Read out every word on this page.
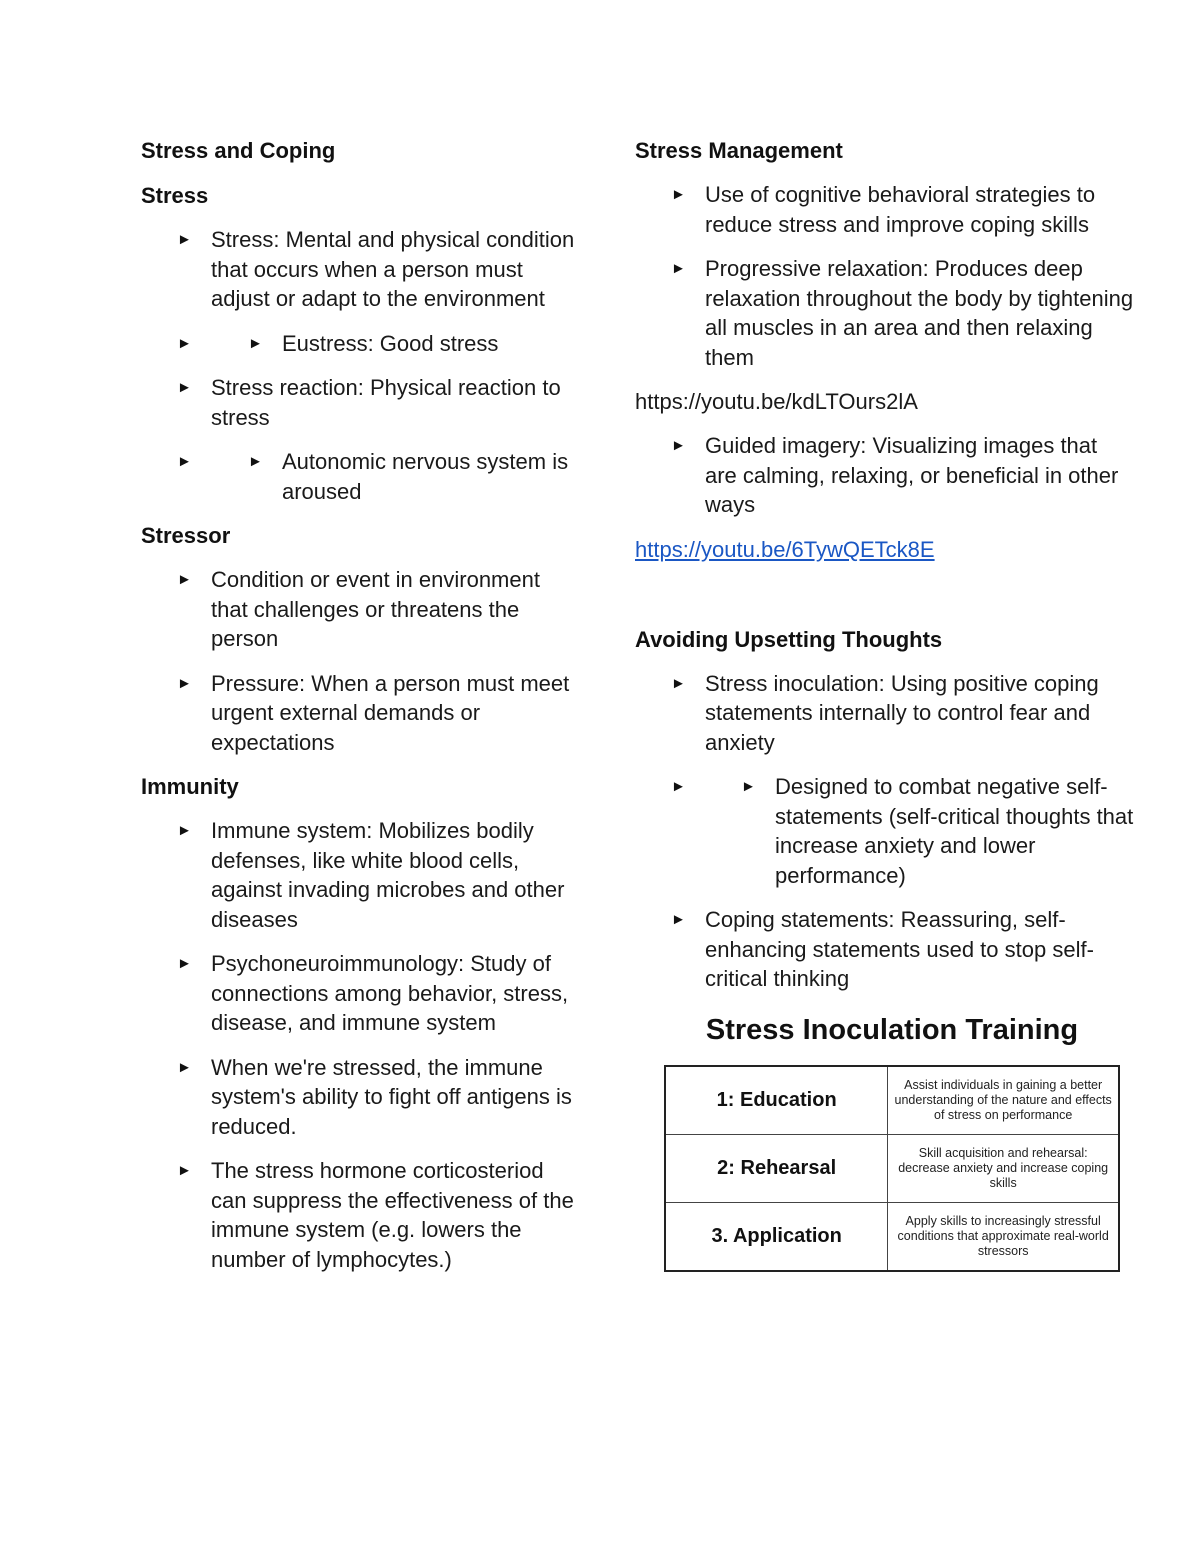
Stress and Coping
Stress
► Stress: Mental and physical condition that occurs when a person must adjust or adapt to the environment
► ► Eustress: Good stress
► Stress reaction: Physical reaction to stress
► ► Autonomic nervous system is aroused
Stressor
► Condition or event in environment that challenges or threatens the person
► Pressure: When a person must meet urgent external demands or expectations
Immunity
► Immune system: Mobilizes bodily defenses, like white blood cells, against invading microbes and other diseases
► Psychoneuroimmunology: Study of connections among behavior, stress, disease, and immune system
► When we're stressed, the immune system's ability to fight off antigens is reduced.
► The stress hormone corticosteriod can suppress the effectiveness of the immune system (e.g. lowers the number of lymphocytes.)
Stress Management
► Use of cognitive behavioral strategies to reduce stress and improve coping skills
► Progressive relaxation: Produces deep relaxation throughout the body by tightening all muscles in an area and then relaxing them
https://youtu.be/kdLTOurs2lA
► Guided imagery: Visualizing images that are calming, relaxing, or beneficial in other ways
https://youtu.be/6TywQETck8E
Avoiding Upsetting Thoughts
► Stress inoculation: Using positive coping statements internally to control fear and anxiety
► ► Designed to combat negative self-statements (self-critical thoughts that increase anxiety and lower performance)
► Coping statements: Reassuring, self-enhancing statements used to stop self-critical thinking
Stress Inoculation Training
1: Education	Assist individuals in gaining a better understanding of the nature and effects of stress on performance
2: Rehearsal	Skill acquisition and rehearsal: decrease anxiety and increase coping skills
3. Application	Apply skills to increasingly stressful conditions that approximate real-world stressors
